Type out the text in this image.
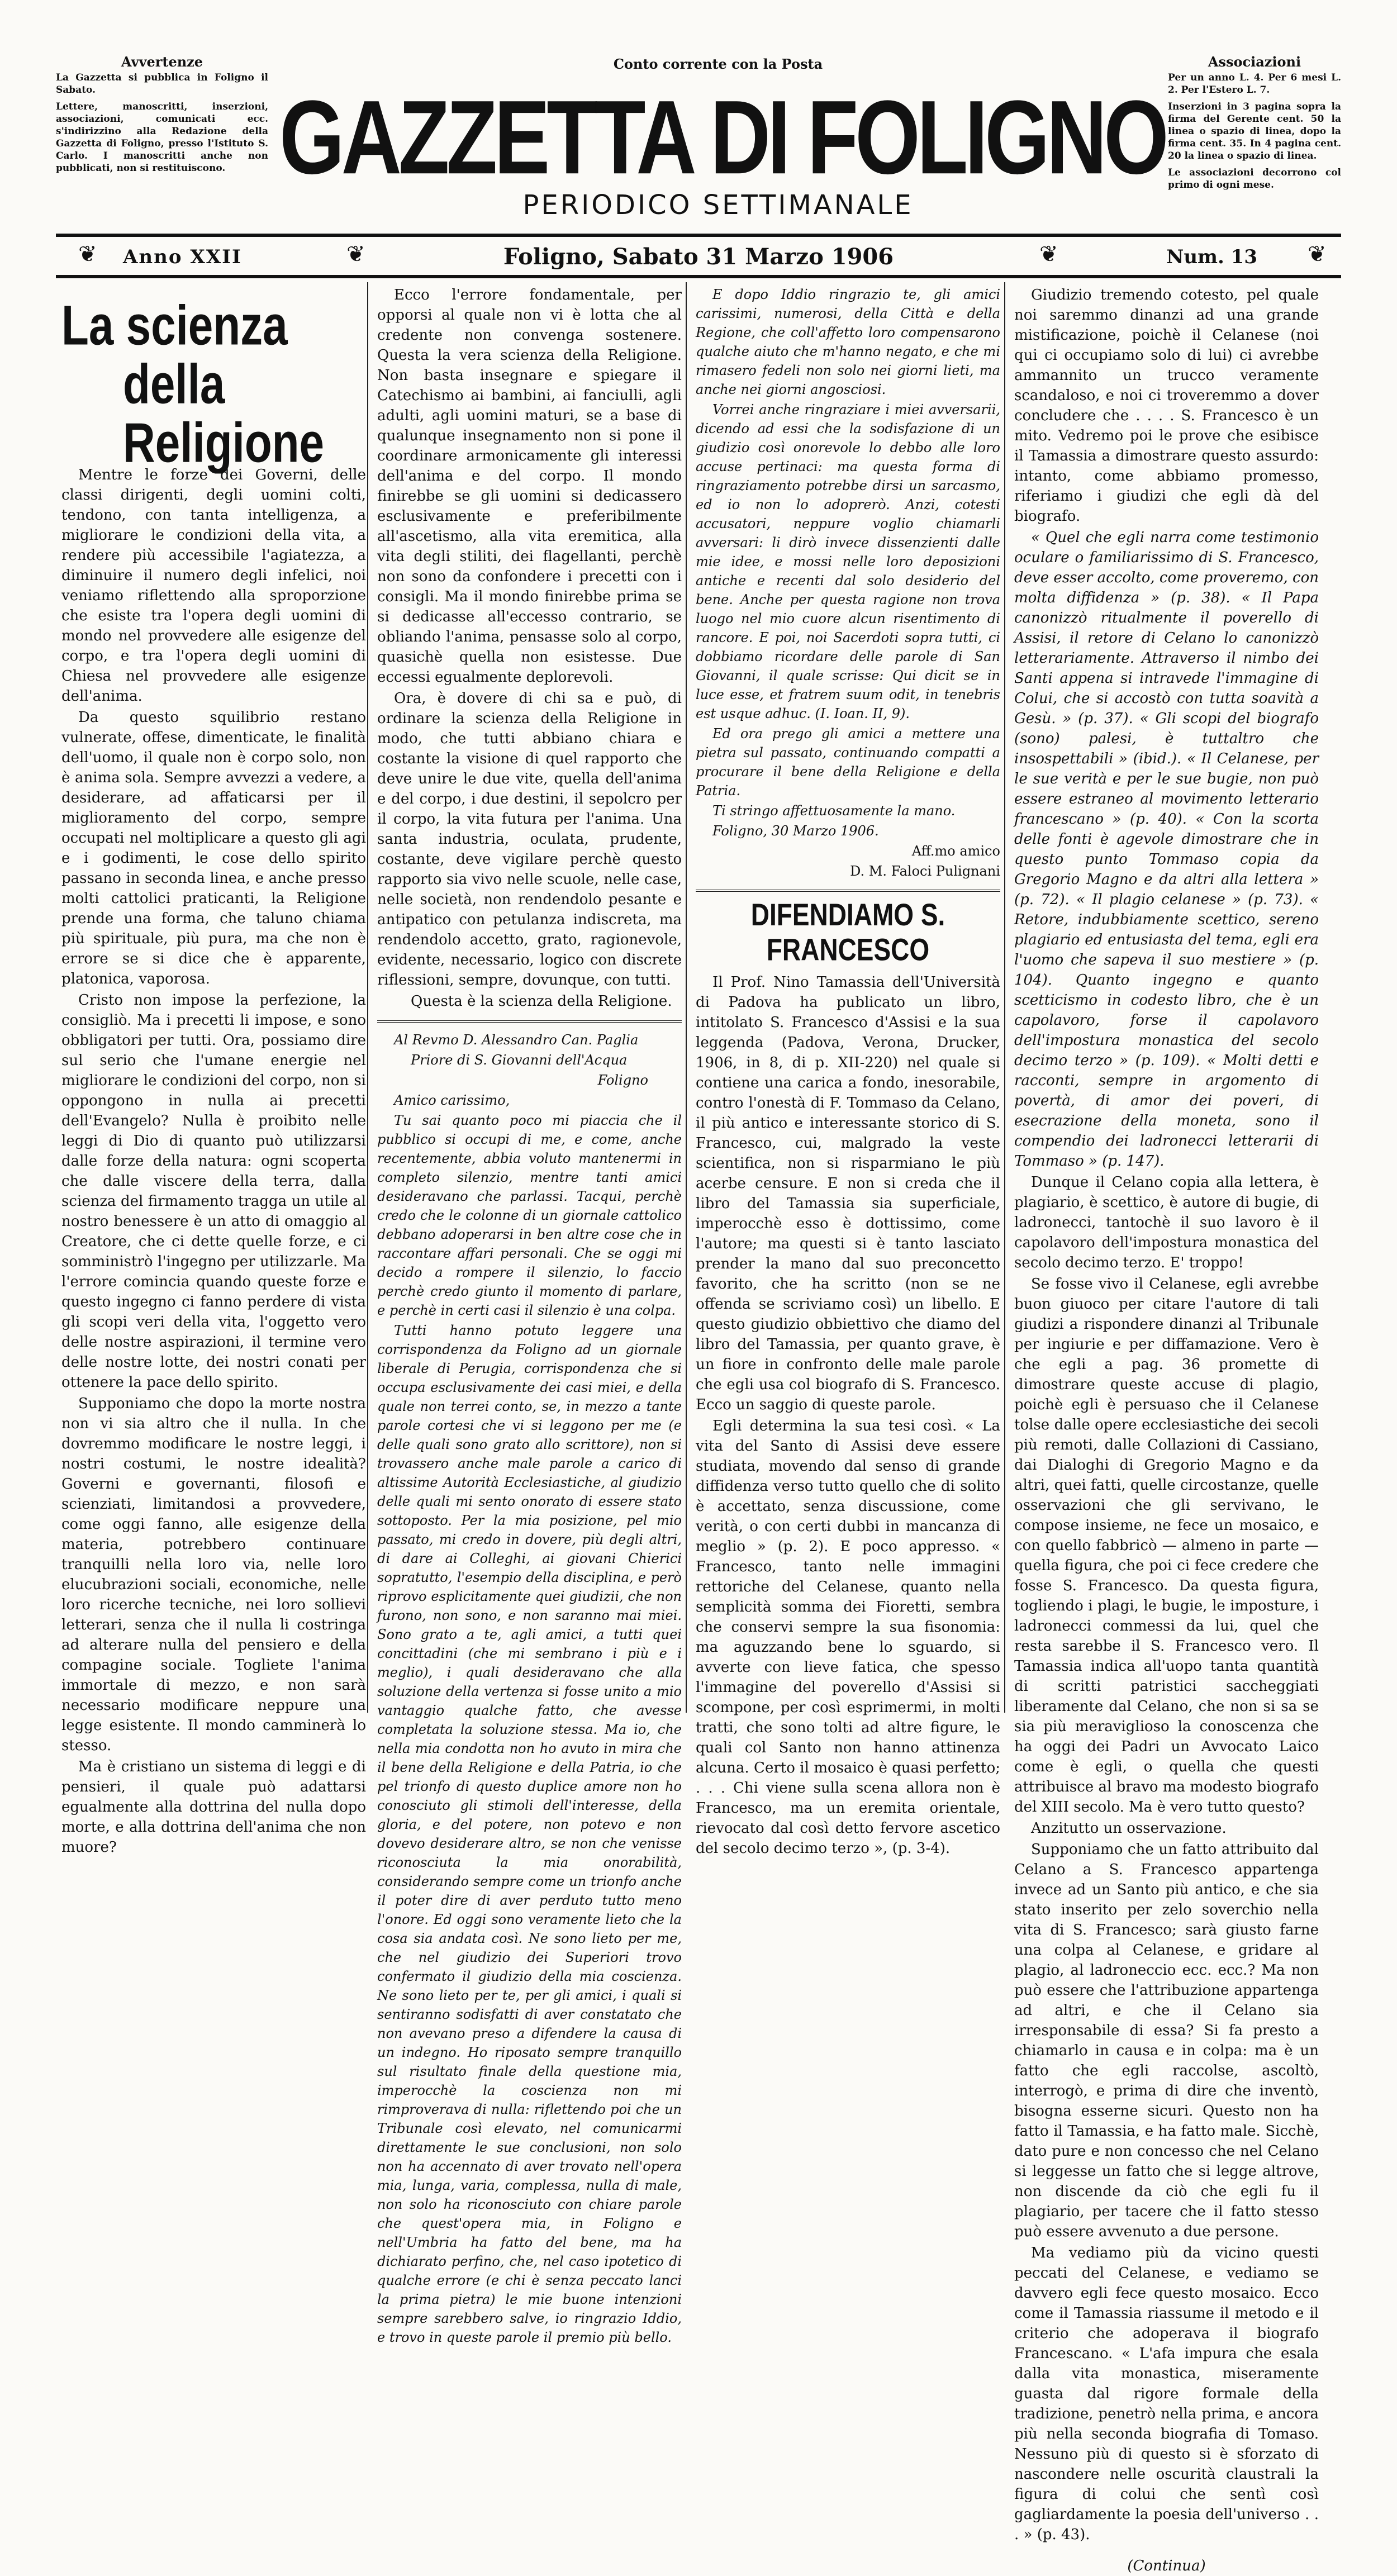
Avvertenze

La Gazzetta si pubblica in Foligno il Sabato.

Lettere, manoscritti, inserzioni, associazioni, comunicati ecc. s'indirizzino alla Redazione della Gazzetta di Foligno, presso l'Istituto S. Carlo. I manoscritti anche non pubblicati, non si restituiscono.

Conto corrente con la Posta
GAZZETTA DI FOLIGNO
PERIODICO SETTIMANALE
Associazioni

Per un anno L. 4. Per 6 mesi L. 2. Per l'Estero L. 7.

Inserzioni in 3 pagina sopra la firma del Gerente cent. 50 la linea o spazio di linea, dopo la firma cent. 35. In 4 pagina cent. 20 la linea o spazio di linea.

Le associazioni decorrono col primo di ogni mese.

❦ Anno XXII	❦	Foligno, Sabato 31 Marzo 1906	❦	Num. 13 ❦
La scienza
della Religione

Mentre le forze dei Governi, delle classi dirigenti, degli uomini colti, tendono, con tanta intelligenza, a migliorare le condizioni della vita, a rendere più accessibile l'agiatezza, a diminuire il numero degli infelici, noi veniamo riflettendo alla sproporzione che esiste tra l'opera degli uomini di mondo nel provvedere alle esigenze del corpo, e tra l'opera degli uomini di Chiesa nel provvedere alle esigenze dell'anima.

Da questo squilibrio restano vulnerate, offese, dimenticate, le finalità dell'uomo, il quale non è corpo solo, non è anima sola. Sempre avvezzi a vedere, a desiderare, ad affaticarsi per il miglioramento del corpo, sempre occupati nel moltiplicare a questo gli agi e i godimenti, le cose dello spirito passano in seconda linea, e anche presso molti cattolici praticanti, la Religione prende una forma, che taluno chiama più spirituale, più pura, ma che non è errore se si dice che è apparente, platonica, vaporosa.

Cristo non impose la perfezione, la consigliò. Ma i precetti li impose, e sono obbligatori per tutti. Ora, possiamo dire sul serio che l'umane energie nel migliorare le condizioni del corpo, non si oppongono in nulla ai precetti dell'Evangelo? Nulla è proibito nelle leggi di Dio di quanto può utilizzarsi dalle forze della natura: ogni scoperta che dalle viscere della terra, dalla scienza del firmamento tragga un utile al nostro benessere è un atto di omaggio al Creatore, che ci dette quelle forze, e ci somministrò l'ingegno per utilizzarle. Ma l'errore comincia quando queste forze e questo ingegno ci fanno perdere di vista gli scopi veri della vita, l'oggetto vero delle nostre aspirazioni, il termine vero delle nostre lotte, dei nostri conati per ottenere la pace dello spirito.

Supponiamo che dopo la morte nostra non vi sia altro che il nulla. In che dovremmo modificare le nostre leggi, i nostri costumi, le nostre idealità? Governi e governanti, filosofi e scienziati, limitandosi a provvedere, come oggi fanno, alle esigenze della materia, potrebbero continuare tranquilli nella loro via, nelle loro elucubrazioni sociali, economiche, nelle loro ricerche tecniche, nei loro sollievi letterari, senza che il nulla li costringa ad alterare nulla del pensiero e della compagine sociale. Togliete l'anima immortale di mezzo, e non sarà necessario modificare neppure una legge esistente. Il mondo camminerà lo stesso.

Ma è cristiano un sistema di leggi e di pensieri, il quale può adattarsi egualmente alla dottrina del nulla dopo morte, e alla dottrina dell'anima che non muore?

Ecco l'errore fondamentale, per opporsi al quale non vi è lotta che al credente non convenga sostenere. Questa la vera scienza della Religione. Non basta insegnare e spiegare il Catechismo ai bambini, ai fanciulli, agli adulti, agli uomini maturi, se a base di qualunque insegnamento non si pone il coordinare armonicamente gli interessi dell'anima e del corpo. Il mondo finirebbe se gli uomini si dedicassero esclusivamente e preferibilmente all'ascetismo, alla vita eremitica, alla vita degli stiliti, dei flagellanti, perchè non sono da confondere i precetti con i consigli. Ma il mondo finirebbe prima se si dedicasse all'eccesso contrario, se obliando l'anima, pensasse solo al corpo, quasichè quella non esistesse. Due eccessi egualmente deplorevoli.

Ora, è dovere di chi sa e può, di ordinare la scienza della Religione in modo, che tutti abbiano chiara e costante la visione di quel rapporto che deve unire le due vite, quella dell'anima e del corpo, i due destini, il sepolcro per il corpo, la vita futura per l'anima. Una santa industria, oculata, prudente, costante, deve vigilare perchè questo rapporto sia vivo nelle scuole, nelle case, nelle società, non rendendolo pesante e antipatico con petulanza indiscreta, ma rendendolo accetto, grato, ragionevole, evidente, necessario, logico con discrete riflessioni, sempre, dovunque, con tutti.

Questa è la scienza della Religione.

Al Revmo D. Alessandro Can. Paglia

Priore di S. Giovanni dell'Acqua

Foligno

Amico carissimo,

Tu sai quanto poco mi piaccia che il pubblico si occupi di me, e come, anche recentemente, abbia voluto mantenermi in completo silenzio, mentre tanti amici desideravano che parlassi. Tacqui, perchè credo che le colonne di un giornale cattolico debbano adoperarsi in ben altre cose che in raccontare affari personali. Che se oggi mi decido a rompere il silenzio, lo faccio perchè credo giunto il momento di parlare, e perchè in certi casi il silenzio è una colpa.

Tutti hanno potuto leggere una corrispondenza da Foligno ad un giornale liberale di Perugia, corrispondenza che si occupa esclusivamente dei casi miei, e della quale non terrei conto, se, in mezzo a tante parole cortesi che vi si leggono per me (e delle quali sono grato allo scrittore), non si trovassero anche male parole a carico di altissime Autorità Ecclesiastiche, al giudizio delle quali mi sento onorato di essere stato sottoposto. Per la mia posizione, pel mio passato, mi credo in dovere, più degli altri, di dare ai Colleghi, ai giovani Chierici sopratutto, l'esempio della disciplina, e però riprovo esplicitamente quei giudizii, che non furono, non sono, e non saranno mai miei. Sono grato a te, agli amici, a tutti quei concittadini (che mi sembrano i più e i meglio), i quali desideravano che alla soluzione della vertenza si fosse unito a mio vantaggio qualche fatto, che avesse completata la soluzione stessa. Ma io, che nella mia condotta non ho avuto in mira che il bene della Religione e della Patria, io che pel trionfo di questo duplice amore non ho conosciuto gli stimoli dell'interesse, della gloria, e del potere, non potevo e non dovevo desiderare altro, se non che venisse riconosciuta la mia onorabilità, considerando sempre come un trionfo anche il poter dire di aver perduto tutto meno l'onore. Ed oggi sono veramente lieto che la cosa sia andata così. Ne sono lieto per me, che nel giudizio dei Superiori trovo confermato il giudizio della mia coscienza. Ne sono lieto per te, per gli amici, i quali si sentiranno sodisfatti di aver constatato che non avevano preso a difendere la causa di un indegno. Ho riposato sempre tranquillo sul risultato finale della questione mia, imperocchè la coscienza non mi rimproverava di nulla: riflettendo poi che un Tribunale così elevato, nel comunicarmi direttamente le sue conclusioni, non solo non ha accennato di aver trovato nell'opera mia, lunga, varia, complessa, nulla di male, non solo ha riconosciuto con chiare parole che quest'opera mia, in Foligno e nell'Umbria ha fatto del bene, ma ha dichiarato perfino, che, nel caso ipotetico di qualche errore (e chi è senza peccato lanci la prima pietra) le mie buone intenzioni sempre sarebbero salve, io ringrazio Iddio, e trovo in queste parole il premio più bello.

E dopo Iddio ringrazio te, gli amici carissimi, numerosi, della Città e della Regione, che coll'affetto loro compensarono qualche aiuto che m'hanno negato, e che mi rimasero fedeli non solo nei giorni lieti, ma anche nei giorni angosciosi.

Vorrei anche ringraziare i miei avversarii, dicendo ad essi che la sodisfazione di un giudizio così onorevole lo debbo alle loro accuse pertinaci: ma questa forma di ringraziamento potrebbe dirsi un sarcasmo, ed io non lo adoprerò. Anzi, cotesti accusatori, neppure voglio chiamarli avversari: li dirò invece dissenzienti dalle mie idee, e mossi nelle loro deposizioni antiche e recenti dal solo desiderio del bene. Anche per questa ragione non trova luogo nel mio cuore alcun risentimento di rancore. E poi, noi Sacerdoti sopra tutti, ci dobbiamo ricordare delle parole di San Giovanni, il quale scrisse: Qui dicit se in luce esse, et fratrem suum odit, in tenebris est usque adhuc. (I. Ioan. II, 9).

Ed ora prego gli amici a mettere una pietra sul passato, continuando compatti a procurare il bene della Religione e della Patria.

Ti stringo affettuosamente la mano.

Foligno, 30 Marzo 1906.

Aff.mo amico

D. M. Faloci Pulignani

DIFENDIAMO S. FRANCESCO

Il Prof. Nino Tamassia dell'Università di Padova ha publicato un libro, intitolato S. Francesco d'Assisi e la sua leggenda (Padova, Verona, Drucker, 1906, in 8, di p. XII-220) nel quale si contiene una carica a fondo, inesorabile, contro l'onestà di F. Tommaso da Celano, il più antico e interessante storico di S. Francesco, cui, malgrado la veste scientifica, non si risparmiano le più acerbe censure. E non si creda che il libro del Tamassia sia superficiale, imperocchè esso è dottissimo, come l'autore; ma questi si è tanto lasciato prender la mano dal suo preconcetto favorito, che ha scritto (non se ne offenda se scriviamo così) un libello. E questo giudizio obbiettivo che diamo del libro del Tamassia, per quanto grave, è un fiore in confronto delle male parole che egli usa col biografo di S. Francesco. Ecco un saggio di queste parole.

Egli determina la sua tesi così. « La vita del Santo di Assisi deve essere studiata, movendo dal senso di grande diffidenza verso tutto quello che di solito è accettato, senza discussione, come verità, o con certi dubbi in mancanza di meglio » (p. 2). E poco appresso. « Francesco, tanto nelle immagini rettoriche del Celanese, quanto nella semplicità somma dei Fioretti, sembra che conservi sempre la sua fisonomia: ma aguzzando bene lo sguardo, si avverte con lieve fatica, che spesso l'immagine del poverello d'Assisi si scompone, per così esprimermi, in molti tratti, che sono tolti ad altre figure, le quali col Santo non hanno attinenza alcuna. Certo il mosaico è quasi perfetto; . . . Chi viene sulla scena allora non è Francesco, ma un eremita orientale, rievocato dal così detto fervore ascetico del secolo decimo terzo », (p. 3-4).

Giudizio tremendo cotesto, pel quale noi saremmo dinanzi ad una grande mistificazione, poichè il Celanese (noi qui ci occupiamo solo di lui) ci avrebbe ammannito un trucco veramente scandaloso, e noi ci troveremmo a dover concludere che . . . . S. Francesco è un mito. Vedremo poi le prove che esibisce il Tamassia a dimostrare questo assurdo: intanto, come abbiamo promesso, riferiamo i giudizi che egli dà del biografo.

« Quel che egli narra come testimonio oculare o familiarissimo di S. Francesco, deve esser accolto, come proveremo, con molta diffidenza » (p. 38). « Il Papa canonizzò ritualmente il poverello di Assisi, il retore di Celano lo canonizzò letterariamente. Attraverso il nimbo dei Santi appena si intravede l'immagine di Colui, che si accostò con tutta soavità a Gesù. » (p. 37). « Gli scopi del biografo (sono) palesi, è tuttaltro che insospettabili » (ibid.). « Il Celanese, per le sue verità e per le sue bugie, non può essere estraneo al movimento letterario francescano » (p. 40). « Con la scorta delle fonti è agevole dimostrare che in questo punto Tommaso copia da Gregorio Magno e da altri alla lettera » (p. 72). « Il plagio celanese » (p. 73). « Retore, indubbiamente scettico, sereno plagiario ed entusiasta del tema, egli era l'uomo che sapeva il suo mestiere » (p. 104). Quanto ingegno e quanto scetticismo in codesto libro, che è un capolavoro, forse il capolavoro dell'impostura monastica del secolo decimo terzo » (p. 109). « Molti detti e racconti, sempre in argomento di povertà, di amor dei poveri, di esecrazione della moneta, sono il compendio dei ladronecci letterarii di Tommaso » (p. 147).

Dunque il Celano copia alla lettera, è plagiario, è scettico, è autore di bugie, di ladronecci, tantochè il suo lavoro è il capolavoro dell'impostura monastica del secolo decimo terzo. E' troppo!

Se fosse vivo il Celanese, egli avrebbe buon giuoco per citare l'autore di tali giudizi a rispondere dinanzi al Tribunale per ingiurie e per diffamazione. Vero è che egli a pag. 36 promette di dimostrare queste accuse di plagio, poichè egli è persuaso che il Celanese tolse dalle opere ecclesiastiche dei secoli più remoti, dalle Collazioni di Cassiano, dai Dialoghi di Gregorio Magno e da altri, quei fatti, quelle circostanze, quelle osservazioni che gli servivano, le compose insieme, ne fece un mosaico, e con quello fabbricò — almeno in parte — quella figura, che poi ci fece credere che fosse S. Francesco. Da questa figura, togliendo i plagi, le bugie, le imposture, i ladronecci commessi da lui, quel che resta sarebbe il S. Francesco vero. Il Tamassia indica all'uopo tanta quantità di scritti patristici saccheggiati liberamente dal Celano, che non si sa se sia più meraviglioso la conoscenza che ha oggi dei Padri un Avvocato Laico come è egli, o quella che questi attribuisce al bravo ma modesto biografo del XIII secolo. Ma è vero tutto questo?

Anzitutto un osservazione.

Supponiamo che un fatto attribuito dal Celano a S. Francesco appartenga invece ad un Santo più antico, e che sia stato inserito per zelo soverchio nella vita di S. Francesco; sarà giusto farne una colpa al Celanese, e gridare al plagio, al ladroneccio ecc. ecc.? Ma non può essere che l'attribuzione appartenga ad altri, e che il Celano sia irresponsabile di essa? Si fa presto a chiamarlo in causa e in colpa: ma è un fatto che egli raccolse, ascoltò, interrogò, e prima di dire che inventò, bisogna esserne sicuri. Questo non ha fatto il Tamassia, e ha fatto male. Sicchè, dato pure e non concesso che nel Celano si leggesse un fatto che si legge altrove, non discende da ciò che egli fu il plagiario, per tacere che il fatto stesso può essere avvenuto a due persone.

Ma vediamo più da vicino questi peccati del Celanese, e vediamo se davvero egli fece questo mosaico. Ecco come il Tamassia riassume il metodo e il criterio che adoperava il biografo Francescano. « L'afa impura che esala dalla vita monastica, miseramente guasta dal rigore formale della tradizione, penetrò nella prima, e ancora più nella seconda biografia di Tomaso. Nessuno più di questo si è sforzato di nascondere nelle oscurità claustrali la figura di colui che sentì così gagliardamente la poesia dell'universo . . . » (p. 43).

(Continua)
